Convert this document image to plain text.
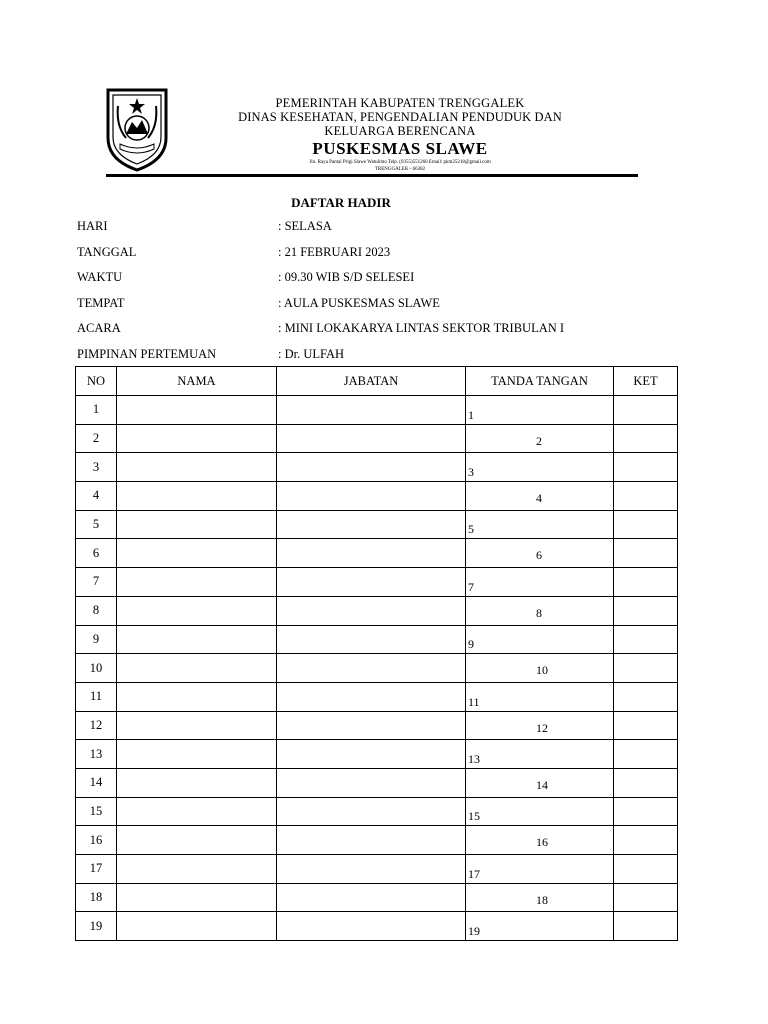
PEMERINTAH KABUPATEN TRENGGALEK
DINAS KESEHATAN, PENGENDALIAN PENDUDUK DAN
KELUARGA BERENCANA
PUSKESMAS SLAWE
Jln. Raya Pantai Prigi Slawe Watulimo Telp. (0355)551260 Email: pkm25218@gmail.com
TRENGGALEK - 66382
DAFTAR HADIR
HARI	: SELASA
TANGGAL	: 21 FEBRUARI 2023
WAKTU	: 09.30 WIB S/D SELESEI
TEMPAT	: AULA PUSKESMAS SLAWE
ACARA	: MINI LOKAKARYA LINTAS SEKTOR TRIBULAN I
PIMPINAN PERTEMUAN	: Dr. ULFAH
NO	NAMA	JABATAN	TANDA TANGAN	KET
1			1	

2			2	

3			3	

4			4	

5			5	

6			6	

7			7	

8			8	

9			9	

10			10	

11			11	

12			12	

13			13	

14			14	

15			15	

16			16	

17			17	

18			18	

19			19	
